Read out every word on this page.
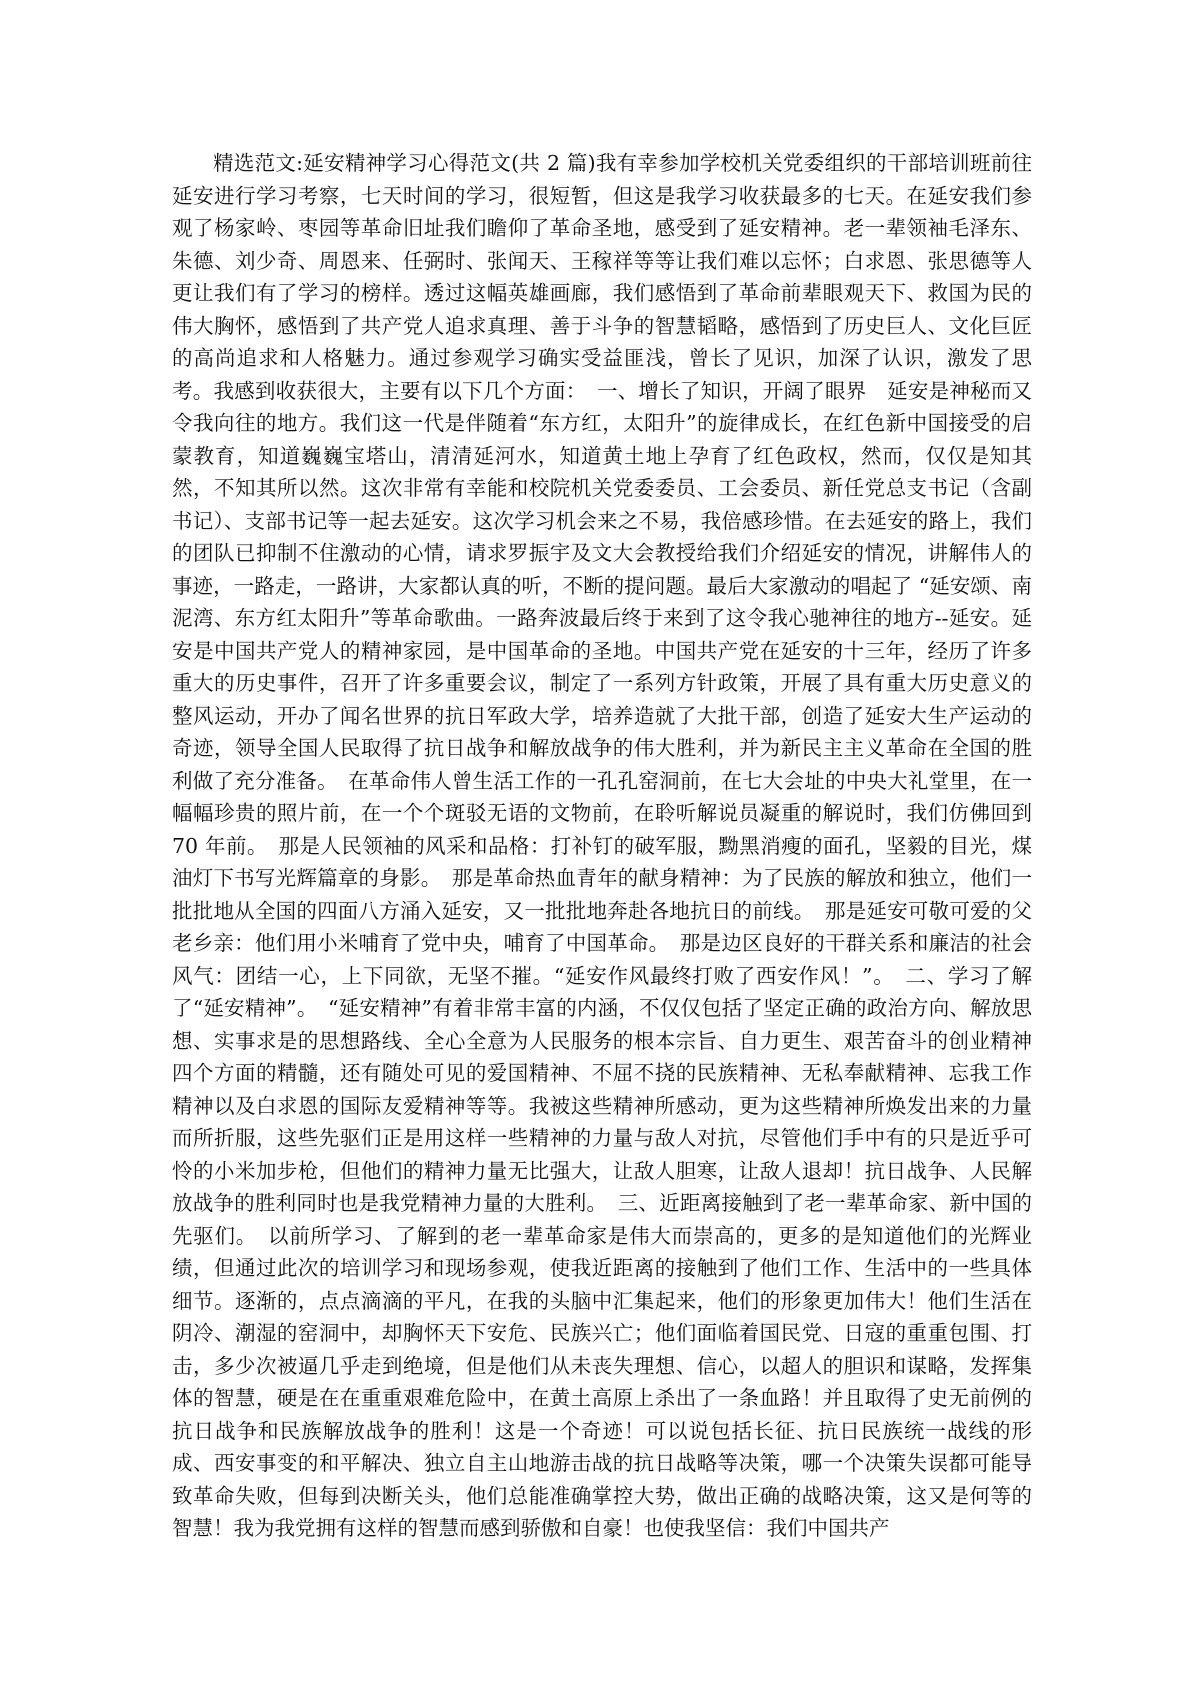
精选范文:延安精神学习心得范文(共 2 篇)我有幸参加学校机关党委组织的干部培训班前往延安进行学习考察，七天时间的学习，很短暂，但这是我学习收获最多的七天。在延安我们参观了杨家岭、枣园等革命旧址我们瞻仰了革命圣地，感受到了延安精神。老一辈领袖毛泽东、朱德、刘少奇、周恩来、任弼时、张闻天、王稼祥等等让我们难以忘怀；白求恩、张思德等人更让我们有了学习的榜样。透过这幅英雄画廊，我们感悟到了革命前辈眼观天下、救国为民的伟大胸怀，感悟到了共产党人追求真理、善于斗争的智慧韬略，感悟到了历史巨人、文化巨匠的高尚追求和人格魅力。通过参观学习确实受益匪浅，曾长了见识，加深了认识，激发了思考。我感到收获很大，主要有以下几个方面：　一、增长了知识，开阔了眼界　延安是神秘而又令我向往的地方。我们这一代是伴随着“东方红，太阳升”的旋律成长，在红色新中国接受的启蒙教育，知道巍巍宝塔山，清清延河水，知道黄土地上孕育了红色政权，然而，仅仅是知其然，不知其所以然。这次非常有幸能和校院机关党委委员、工会委员、新任党总支书记（含副书记）、支部书记等一起去延安。这次学习机会来之不易，我倍感珍惜。在去延安的路上，我们的团队已抑制不住激动的心情，请求罗振宇及文大会教授给我们介绍延安的情况，讲解伟人的事迹，一路走，一路讲，大家都认真的听，不断的提问题。最后大家激动的唱起了 “延安颂、南泥湾、东方红太阳升”等革命歌曲。一路奔波最后终于来到了这令我心驰神往的地方--延安。延安是中国共产党人的精神家园，是中国革命的圣地。中国共产党在延安的十三年，经历了许多重大的历史事件，召开了许多重要会议，制定了一系列方针政策，开展了具有重大历史意义的整风运动，开办了闻名世界的抗日军政大学，培养造就了大批干部，创造了延安大生产运动的奇迹，领导全国人民取得了抗日战争和解放战争的伟大胜利，并为新民主主义革命在全国的胜利做了充分准备。　在革命伟人曾生活工作的一孔孔窑洞前，在七大会址的中央大礼堂里，在一幅幅珍贵的照片前，在一个个斑驳无语的文物前，在聆听解说员凝重的解说时，我们仿佛回到 70 年前。　那是人民领袖的风采和品格：打补钉的破军服，黝黑消瘦的面孔，坚毅的目光，煤油灯下书写光辉篇章的身影。　那是革命热血青年的献身精神：为了民族的解放和独立，他们一批批地从全国的四面八方涌入延安，又一批批地奔赴各地抗日的前线。　那是延安可敬可爱的父老乡亲：他们用小米哺育了党中央，哺育了中国革命。　那是边区良好的干群关系和廉洁的社会风气：团结一心，上下同欲，无坚不摧。“延安作风最终打败了西安作风！”。　二、学习了解了“延安精神”。　“延安精神”有着非常丰富的内涵，不仅仅包括了坚定正确的政治方向、解放思想、实事求是的思想路线、全心全意为人民服务的根本宗旨、自力更生、艰苦奋斗的创业精神四个方面的精髓，还有随处可见的爱国精神、不屈不挠的民族精神、无私奉献精神、忘我工作精神以及白求恩的国际友爱精神等等。我被这些精神所感动，更为这些精神所焕发出来的力量而所折服，这些先驱们正是用这样一些精神的力量与敌人对抗，尽管他们手中有的只是近乎可怜的小米加步枪，但他们的精神力量无比强大，让敌人胆寒，让敌人退却！抗日战争、人民解放战争的胜利同时也是我党精神力量的大胜利。　三、近距离接触到了老一辈革命家、新中国的先驱们。　以前所学习、了解到的老一辈革命家是伟大而崇高的，更多的是知道他们的光辉业绩，但通过此次的培训学习和现场参观，使我近距离的接触到了他们工作、生活中的一些具体细节。逐渐的，点点滴滴的平凡，在我的头脑中汇集起来，他们的形象更加伟大！他们生活在阴冷、潮湿的窑洞中，却胸怀天下安危、民族兴亡；他们面临着国民党、日寇的重重包围、打击，多少次被逼几乎走到绝境，但是他们从未丧失理想、信心，以超人的胆识和谋略，发挥集体的智慧，硬是在在重重艰难危险中，在黄土高原上杀出了一条血路！并且取得了史无前例的抗日战争和民族解放战争的胜利！这是一个奇迹！可以说包括长征、抗日民族统一战线的形成、西安事变的和平解决、独立自主山地游击战的抗日战略等决策，哪一个决策失误都可能导致革命失败，但每到决断关头，他们总能准确掌控大势，做出正确的战略决策，这又是何等的智慧！我为我党拥有这样的智慧而感到骄傲和自豪！也使我坚信：我们中国共产
